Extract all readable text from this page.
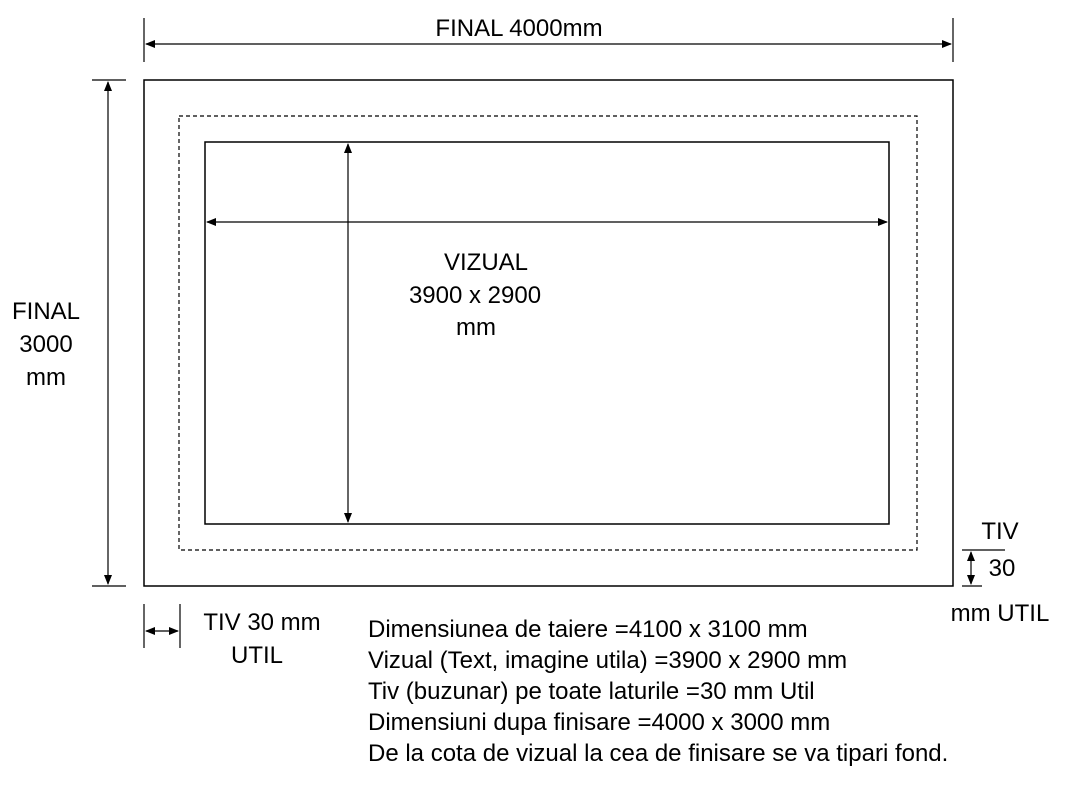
FINAL 4000mm
FINAL
3000
mm
VIZUAL
3900 x 2900
mm
TIV
30
mm UTIL
TIV 30 mm
UTIL
Dimensiunea de taiere =4100 x 3100 mm
Vizual (Text, imagine utila) =3900 x 2900 mm
Tiv (buzunar) pe toate laturile =30 mm Util
Dimensiuni dupa finisare =4000 x 3000 mm
De la cota de vizual la cea de finisare se va tipari fond.
